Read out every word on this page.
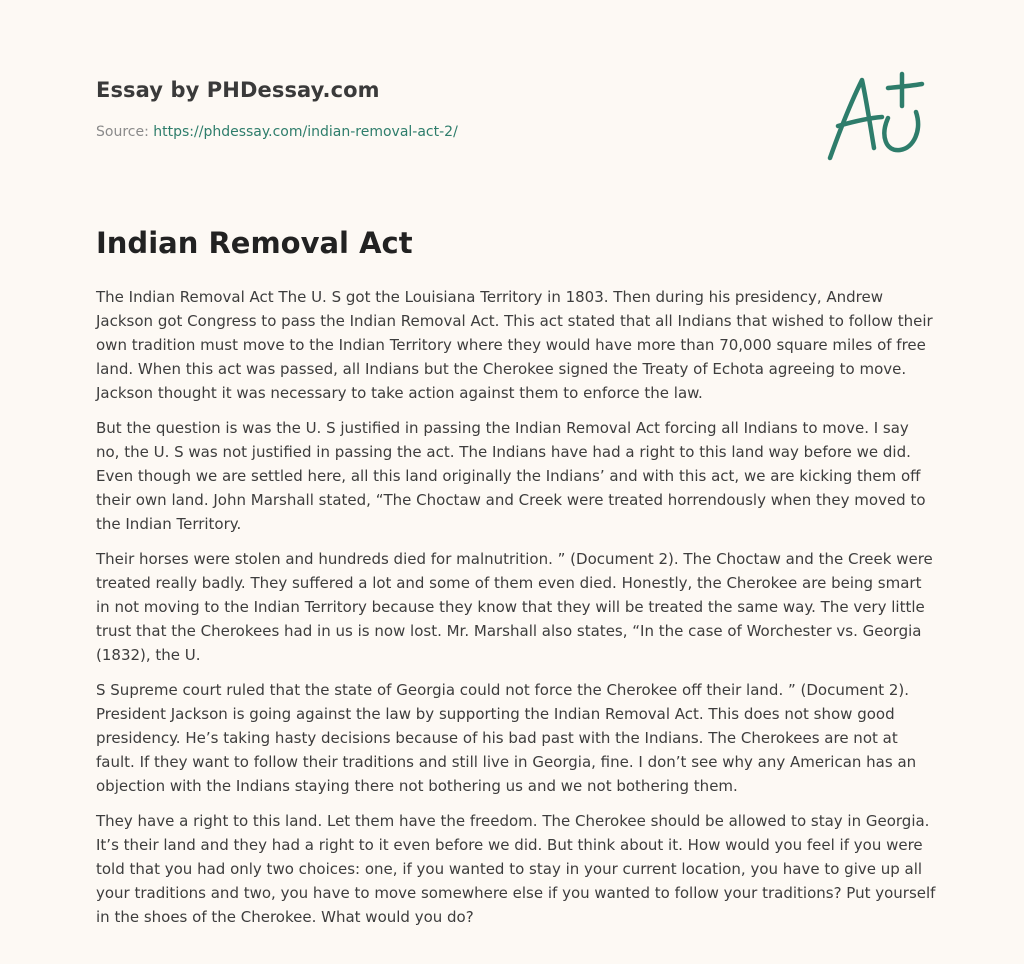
Essay by PHDessay.com
Source: https://phdessay.com/indian-removal-act-2/
Indian Removal Act

The Indian Removal Act The U. S got the Louisiana Territory in 1803. Then during his presidency, Andrew Jackson got Congress to pass the Indian Removal Act. This act stated that all Indians that wished to follow their own tradition must move to the Indian Territory where they would have more than 70,000 square miles of free land. When this act was passed, all Indians but the Cherokee signed the Treaty of Echota agreeing to move. Jackson thought it was necessary to take action against them to enforce the law.

But the question is was the U. S justified in passing the Indian Removal Act forcing all Indians to move. I say no, the U. S was not justified in passing the act. The Indians have had a right to this land way before we did. Even though we are settled here, all this land originally the Indians’ and with this act, we are kicking them off their own land. John Marshall stated, “The Choctaw and Creek were treated horrendously when they moved to the Indian Territory.

Their horses were stolen and hundreds died for malnutrition. ” (Document 2). The Choctaw and the Creek were treated really badly. They suffered a lot and some of them even died. Honestly, the Cherokee are being smart in not moving to the Indian Territory because they know that they will be treated the same way. The very little trust that the Cherokees had in us is now lost. Mr. Marshall also states, “In the case of Worchester vs. Georgia (1832), the U.

S Supreme court ruled that the state of Georgia could not force the Cherokee off their land. ” (Document 2). President Jackson is going against the law by supporting the Indian Removal Act. This does not show good presidency. He’s taking hasty decisions because of his bad past with the Indians. The Cherokees are not at fault. If they want to follow their traditions and still live in Georgia, fine. I don’t see why any American has an objection with the Indians staying there not bothering us and we not bothering them.

They have a right to this land. Let them have the freedom. The Cherokee should be allowed to stay in Georgia. It’s their land and they had a right to it even before we did. But think about it. How would you feel if you were told that you had only two choices: one, if you wanted to stay in your current location, you have to give up all your traditions and two, you have to move somewhere else if you wanted to follow your traditions? Put yourself in the shoes of the Cherokee. What would you do?
